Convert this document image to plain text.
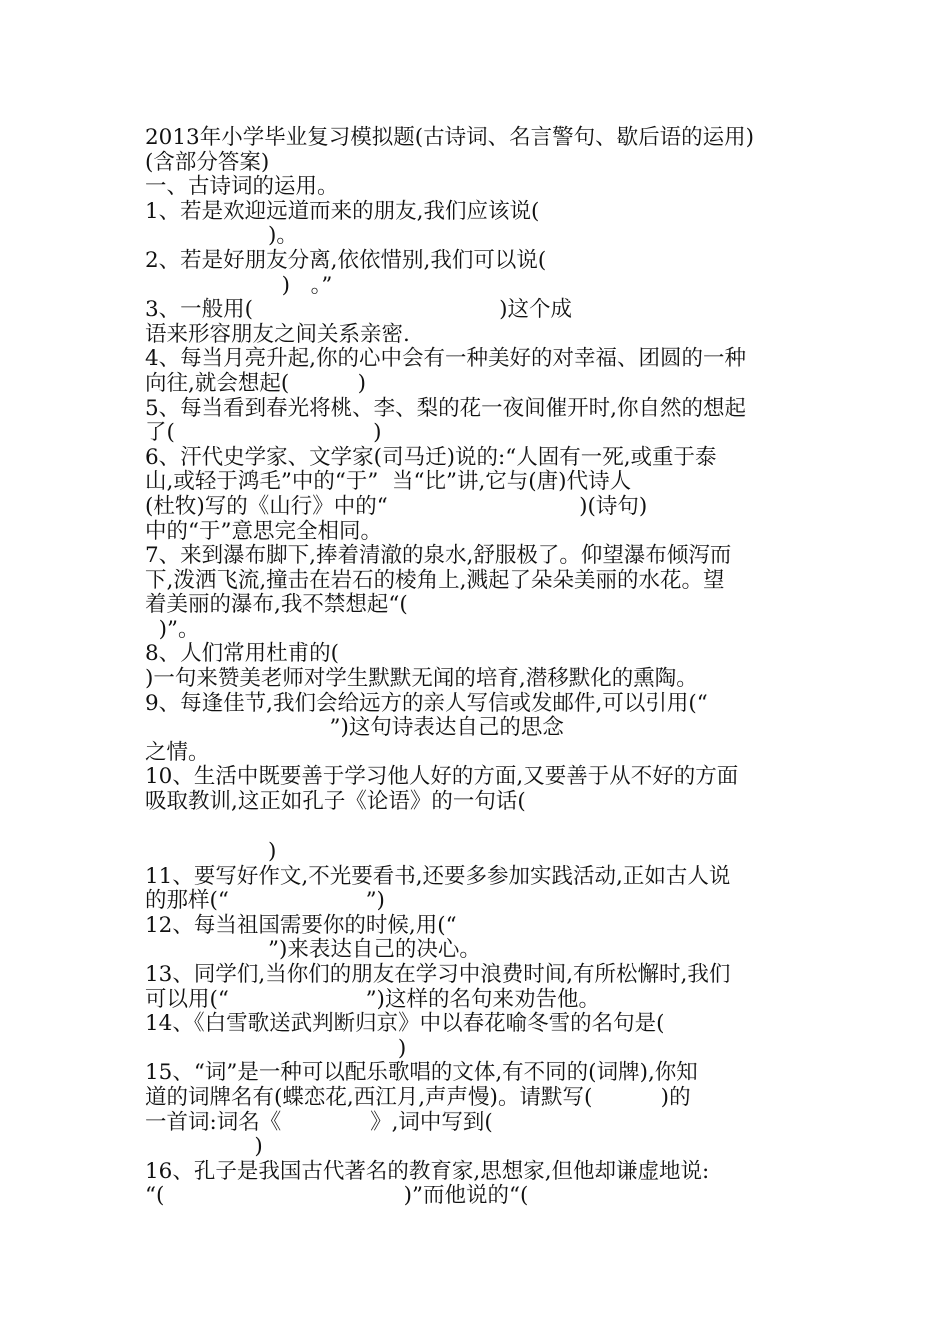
2013年小学毕业复习模拟题(古诗词、名言警句、歇后语的运用)
(含部分答案)
一、古诗词的运用。
1、若是欢迎远道而来的朋友,我们应该说(
)。
2、若是好朋友分离,依依惜别,我们可以说(
)   。”
3、一般用(                                    )这个成
语来形容朋友之间关系亲密.
4、每当月亮升起,你的心中会有一种美好的对幸福、团圆的一种
向往,就会想起(          )
5、每当看到春光将桃、李、梨的花一夜间催开时,你自然的想起
了(                             )
6、汗代史学家、文学家(司马迁)说的:“人固有一死,或重于泰
山,或轻于鸿毛”中的“于”  当“比”讲,它与(唐)代诗人
(杜牧)写的《山行》中的“                            )(诗句)
中的“于”意思完全相同。
7、来到瀑布脚下,捧着清澈的泉水,舒服极了。仰望瀑布倾泻而
下,泼洒飞流,撞击在岩石的棱角上,溅起了朵朵美丽的水花。望
着美丽的瀑布,我不禁想起“(
)”。
8、人们常用杜甫的(
)一句来赞美老师对学生默默无闻的培育,潜移默化的熏陶。
9、每逢佳节,我们会给远方的亲人写信或发邮件,可以引用(“
”)这句诗表达自己的思念
之情。
10、生活中既要善于学习他人好的方面,又要善于从不好的方面
吸取教训,这正如孔子《论语》的一句话(
)
11、要写好作文,不光要看书,还要多参加实践活动,正如古人说
的那样(“                    ”)
12、每当祖国需要你的时候,用(“
”)来表达自己的决心。
13、同学们,当你们的朋友在学习中浪费时间,有所松懈时,我们
可以用(“                    ”)这样的名句来劝告他。
14、《白雪歌送武判断归京》中以春花喻冬雪的名句是(
)
15、“词”是一种可以配乐歌唱的文体,有不同的(词牌),你知
道的词牌名有(蝶恋花,西江月,声声慢)。请默写(          )的
一首词:词名《             》,词中写到(
)
16、孔子是我国古代著名的教育家,思想家,但他却谦虚地说:
“(                                   )”而他说的“(
